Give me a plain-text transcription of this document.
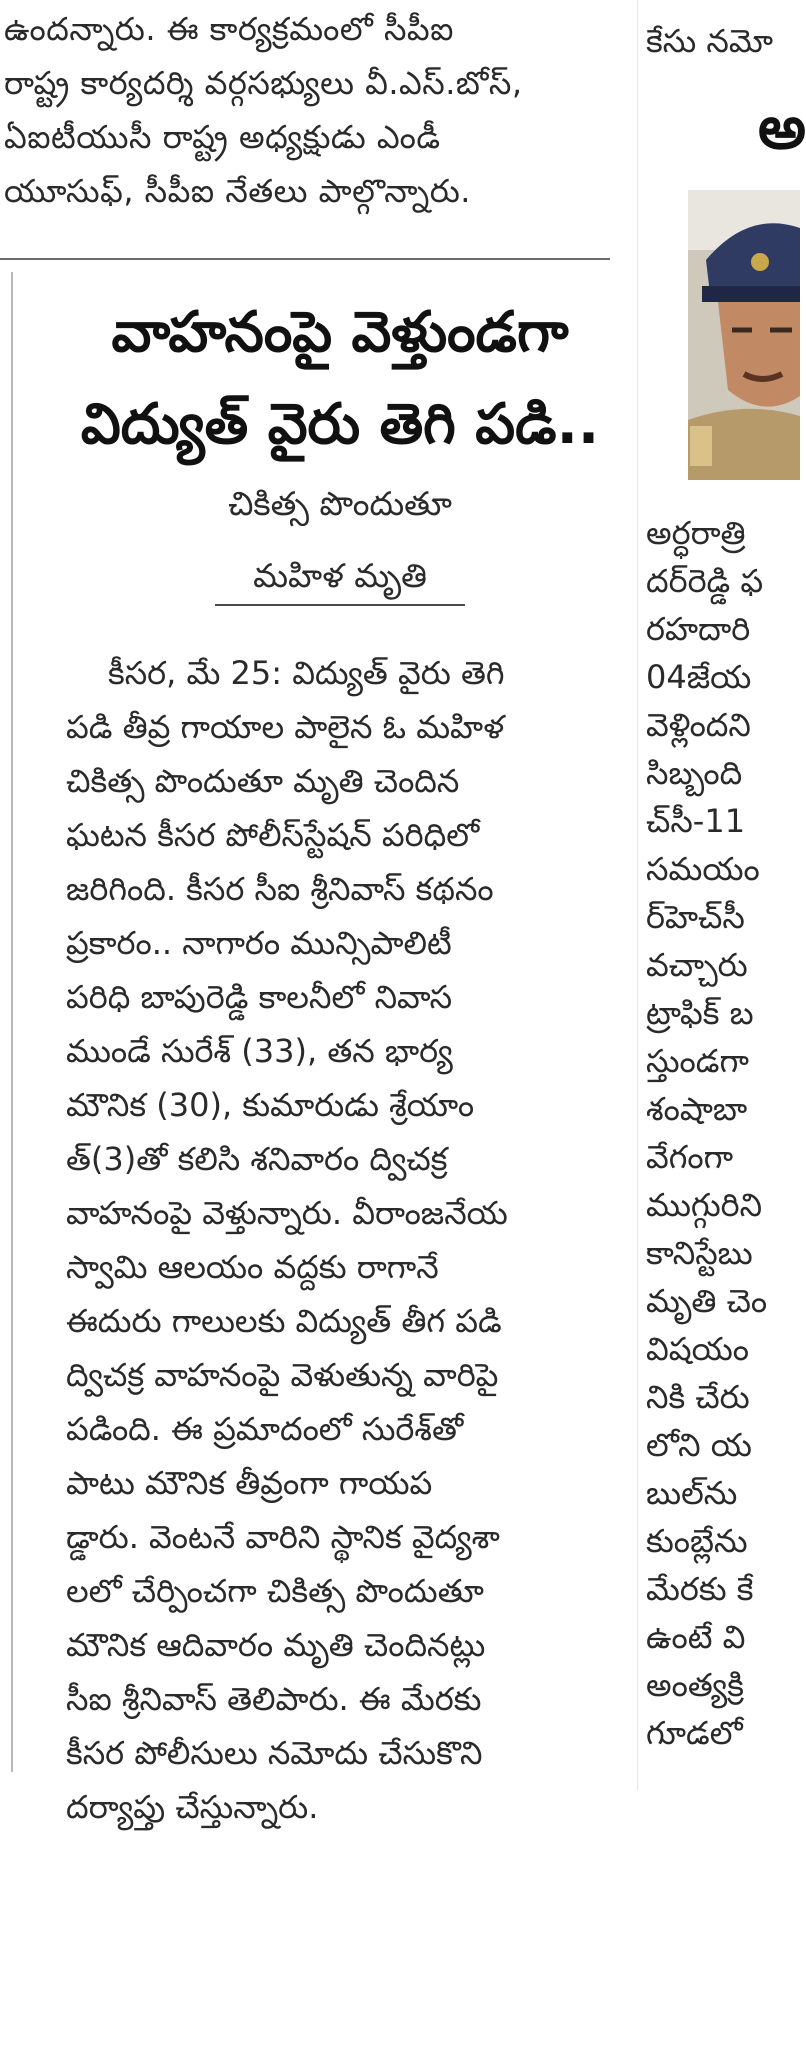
ఉందన్నారు. ఈ కార్యక్రమంలో సీపీఐ
రాష్ట్ర కార్యదర్శి వర్గసభ్యులు వీ.ఎస్.బోస్,
ఏఐటీయుసీ రాష్ట్ర అధ్యక్షుడు ఎండీ
యూసుఫ్, సీపీఐ నేతలు పాల్గొన్నారు.
వాహనంపై వెళ్తుండగా
విద్యుత్ వైరు తెగి పడి..
చికిత్స పొందుతూ
మహిళ మృతి
కీసర, మే 25: విద్యుత్ వైరు తెగి
పడి తీవ్ర గాయాల పాలైన ఓ మహిళ
చికిత్స పొందుతూ మృతి చెందిన
ఘటన కీసర పోలీస్‌స్టేషన్ పరిధిలో
జరిగింది. కీసర సీఐ శ్రీనివాస్ కథనం
ప్రకారం.. నాగారం మున్సిపాలిటీ
పరిధి బాపురెడ్డి కాలనీలో నివాస
ముండే సురేశ్ (33), తన భార్య
మౌనిక (30), కుమారుడు శ్రేయాం
త్(3)తో కలిసి శనివారం ద్విచక్ర
వాహనంపై వెళ్తున్నారు. వీరాంజనేయ
స్వామి ఆలయం వద్దకు రాగానే
ఈదురు గాలులకు విద్యుత్ తీగ పడి
ద్విచక్ర వాహనంపై వెళుతున్న వారిపై
పడింది. ఈ ప్రమాదంలో సురేశ్‌తో
పాటు మౌనిక తీవ్రంగా గాయప
డ్డారు. వెంటనే వారిని స్థానిక వైద్యశా
లలో చేర్పించగా చికిత్స పొందుతూ
మౌనిక ఆదివారం మృతి చెందినట్లు
సీఐ శ్రీనివాస్ తెలిపారు. ఈ మేరకు
కీసర పోలీసులు నమోదు చేసుకొని
దర్యాప్తు చేస్తున్నారు.
కేసు నమో
అ
అర్ధరాత్రి
దర్‌రెడ్డి ఫ
రహదారి
04జేయ
వెళ్లిందని
సిబ్బంది
చ్‌సీ-11
సమయం
ర్‌హెచ్‌సీ
వచ్చారు
ట్రాఫిక్ బ
స్తుండగా
శంషాబా
వేగంగా
ముగ్గురిని
కానిస్టేబు
మృతి చెం
విషయం
నికి చేరు
లోని య
బుల్‌ను
కుంబ్లేను
మేరకు కే
ఉంటే వి
అంత్యక్రి
గూడలో
